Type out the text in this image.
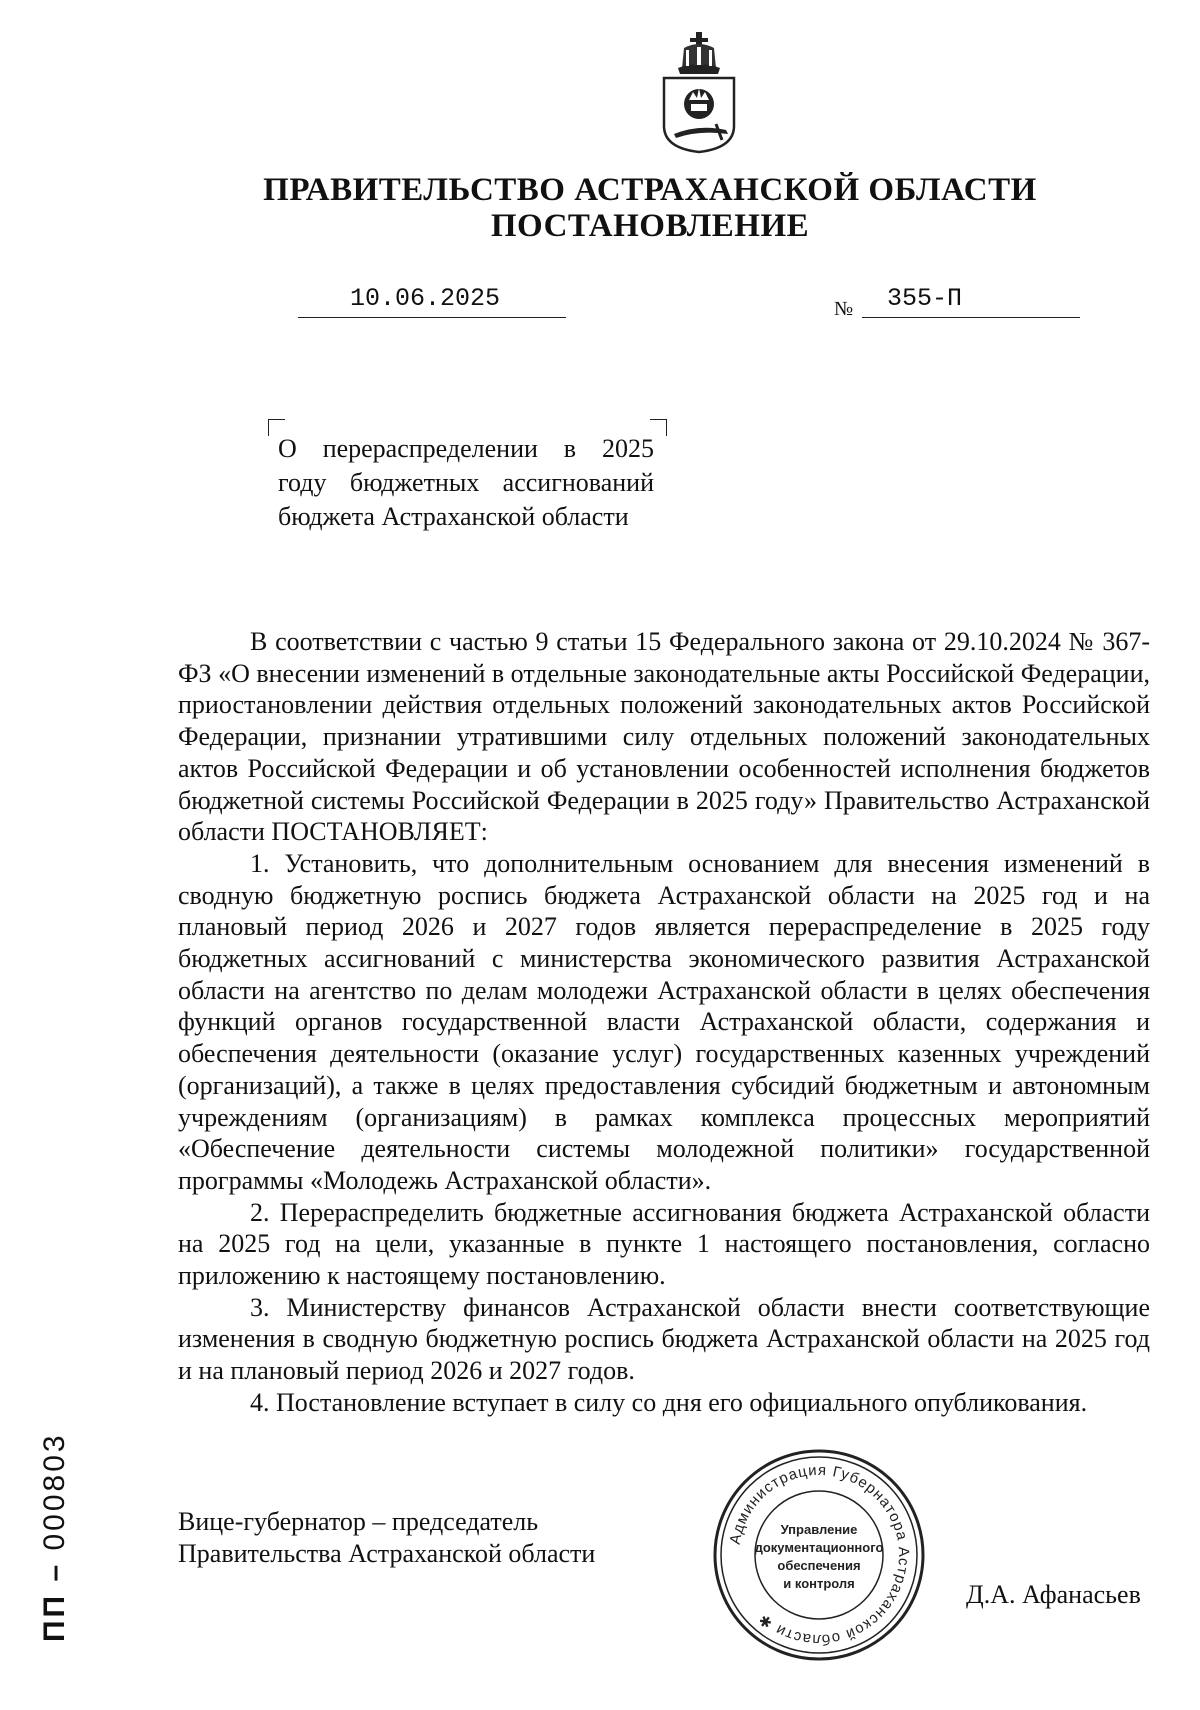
ПРАВИТЕЛЬСТВО АСТРАХАНСКОЙ ОБЛАСТИ
ПОСТАНОВЛЕНИЕ
10.06.2025	№ 355-П
О перераспределении в 2025
году бюджетных ассигнований
бюджета Астраханской области

В соответствии с частью 9 статьи 15 Федерального закона от 29.10.2024 № 367-ФЗ «О внесении изменений в отдельные законодательные акты Российской Федерации, приостановлении действия отдельных положений законодательных актов Российской Федерации, признании утратившими силу отдельных положений законодательных актов Российской Федерации и об установлении особенностей исполнения бюджетов бюджетной системы Российской Федерации в 2025 году» Правительство Астраханской области ПОСТАНОВЛЯЕТ:

1. Установить, что дополнительным основанием для внесения изменений в сводную бюджетную роспись бюджета Астраханской области на 2025 год и на плановый период 2026 и 2027 годов является перераспределение в 2025 году бюджетных ассигнований с министерства экономического развития Астраханской области на агентство по делам молодежи Астраханской области в целях обеспечения функций органов государственной власти Астраханской области, содержания и обеспечения деятельности (оказание услуг) государственных казенных учреждений (организаций), а также в целях предоставления субсидий бюджетным и автономным учреждениям (организациям) в рамках комплекса процессных мероприятий «Обеспечение деятельности системы молодежной политики» государственной программы «Молодежь Астраханской области».

2. Перераспределить бюджетные ассигнования бюджета Астраханской области на 2025 год на цели, указанные в пункте 1 настоящего постановления, согласно приложению к настоящему постановлению.

3. Министерству финансов Астраханской области внести соответствующие изменения в сводную бюджетную роспись бюджета Астраханской области на 2025 год и на плановый период 2026 и 2027 годов.

4. Постановление вступает в силу со дня его официального опубликования.

Вице-губернатор – председатель
Правительства Астраханской области
Администрация Губернатора Астраханской области ✱
Управление
документационного
обеспечения
и контроля	Д.А. Афанасьев
ПП – 000803
